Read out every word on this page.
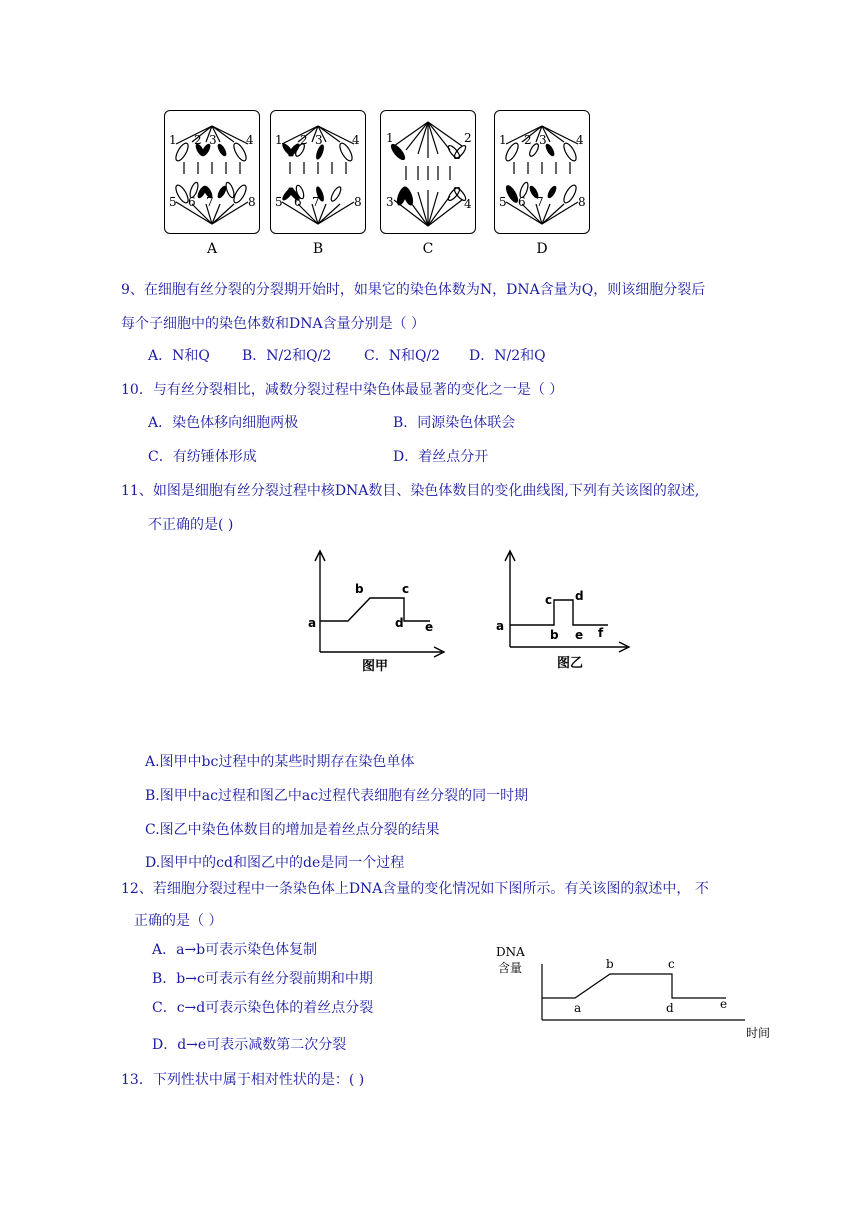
1 2 3 4
5 6 7	8
A
1 2 3 4
5 6 7	8
B
1	2
3	4
C
1 2 3 4
5 6 7	8
D
9、在细胞有丝分裂的分裂期开始时，如果它的染色体数为N，DNA含量为Q，则该细胞分裂后
每个子细胞中的染色体数和DNA含量分别是（ ）
A．N和Q B．N/2和Q/2 C．N和Q/2 D．N/2和Q
10．与有丝分裂相比，减数分裂过程中染色体最显著的变化之一是（ ）
A．染色体移向细胞两极	B．同源染色体联会
C．有纺锤体形成	D．着丝点分开
11、如图是细胞有丝分裂过程中核DNA数目、染色体数目的变化曲线图,下列有关该图的叙述,
不正确的是( )
a
b	c
d e
图甲
a
b
c d
e f
图乙
A.图甲中bc过程中的某些时期存在染色单体
B.图甲中ac过程和图乙中ac过程代表细胞有丝分裂的同一时期
C.图乙中染色体数目的增加是着丝点分裂的结果
D.图甲中的cd和图乙中的de是同一个过程
12、若细胞分裂过程中一条染色体上DNA含量的变化情况如下图所示。有关该图的叙述中， 不
正确的是（ ）
A．a→b可表示染色体复制
B．b→c可表示有丝分裂前期和中期
C．c→d可表示染色体的着丝点分裂
D．d→e可表示减数第二次分裂
DNA
含量
a
b	c
d	e
时间
13．下列性状中属于相对性状的是：( )
